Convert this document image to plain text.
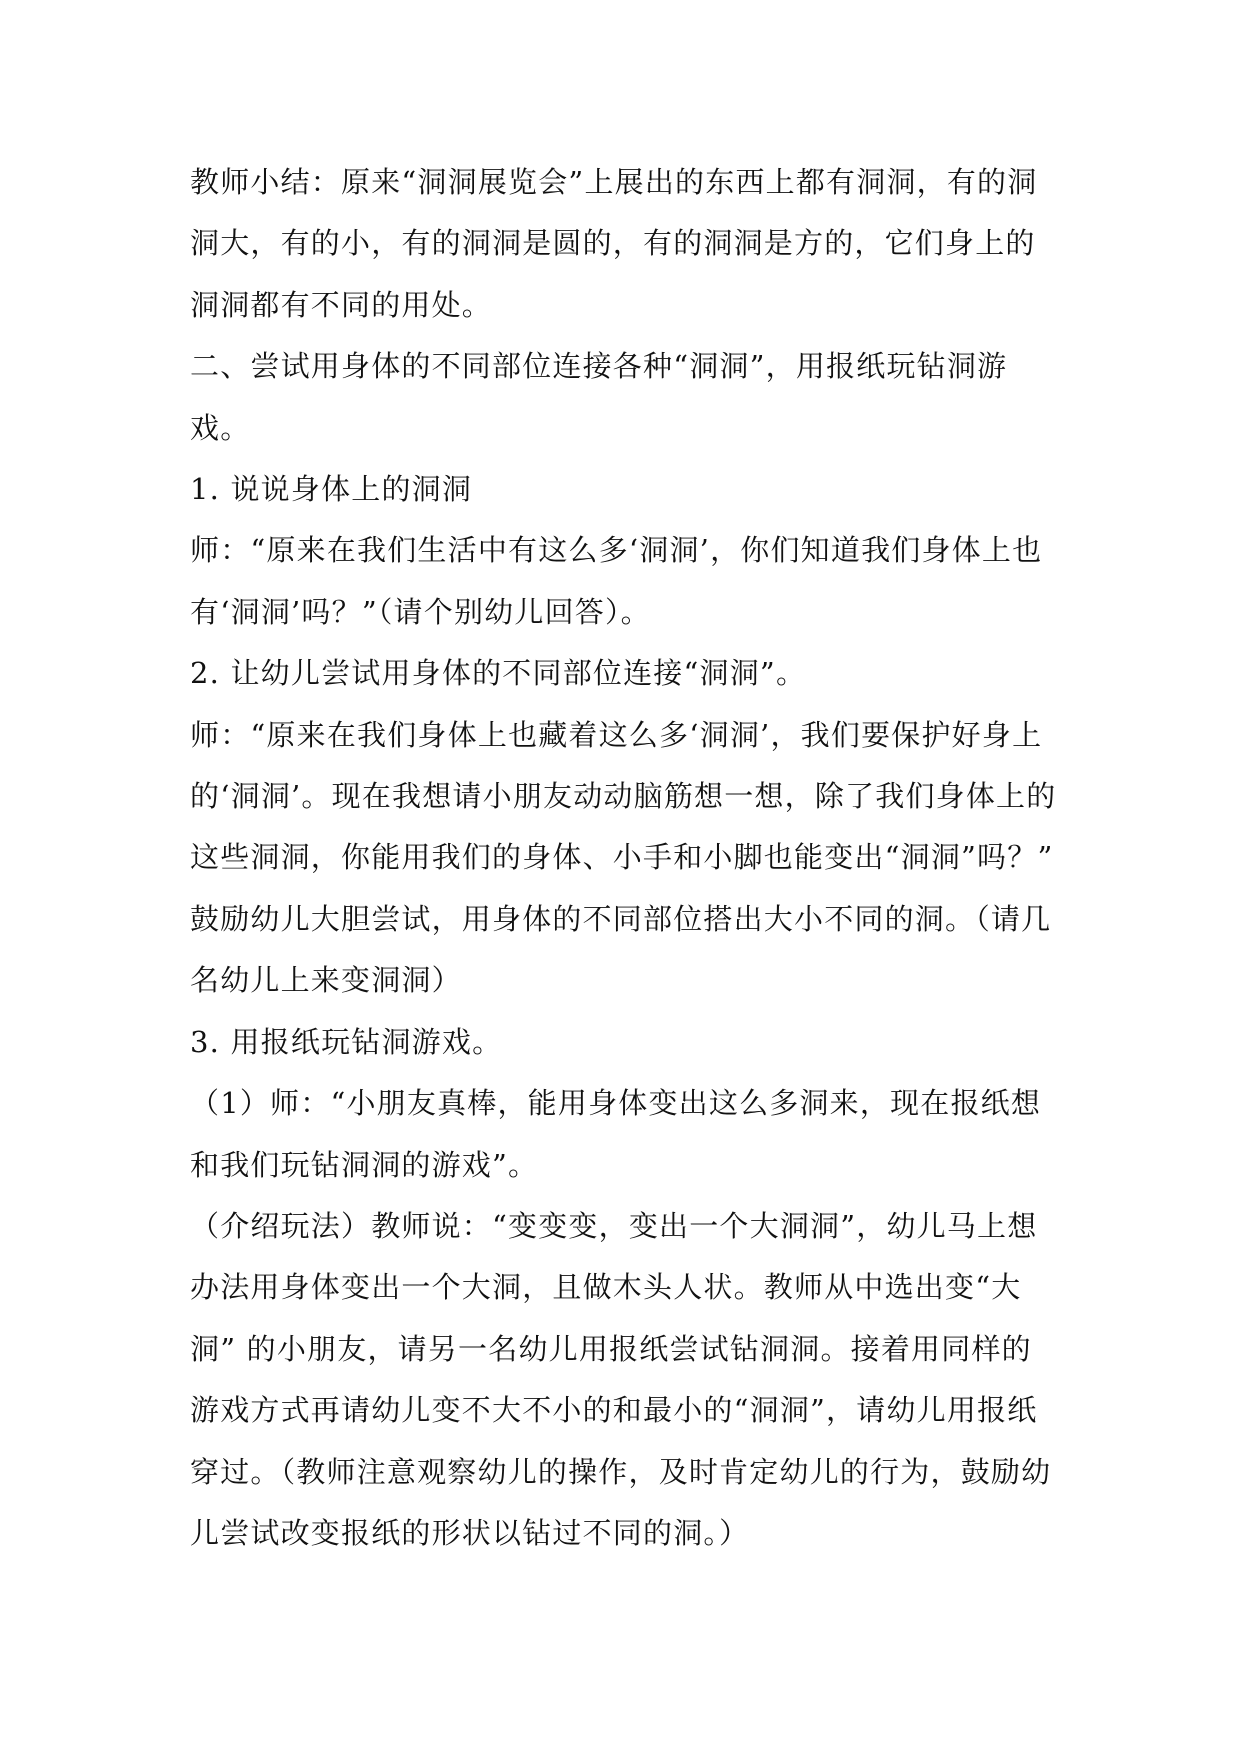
教师小结：原来“洞洞展览会”上展出的东西上都有洞洞，有的洞洞大，有的小，有的洞洞是圆的，有的洞洞是方的，它们身上的洞洞都有不同的用处。

二、尝试用身体的不同部位连接各种“洞洞”，用报纸玩钻洞游戏。

1. 说说身体上的洞洞

师：“原来在我们生活中有这么多‘洞洞’，你们知道我们身体上也有‘洞洞’吗？”（请个别幼儿回答）。

2. 让幼儿尝试用身体的不同部位连接“洞洞”。

师：“原来在我们身体上也藏着这么多‘洞洞’，我们要保护好身上的‘洞洞’。现在我想请小朋友动动脑筋想一想，除了我们身体上的这些洞洞，你能用我们的身体、小手和小脚也能变出“洞洞”吗？”

鼓励幼儿大胆尝试，用身体的不同部位搭出大小不同的洞。（请几名幼儿上来变洞洞）

3. 用报纸玩钻洞游戏。

（1）师：“小朋友真棒，能用身体变出这么多洞来，现在报纸想和我们玩钻洞洞的游戏”。

（介绍玩法）教师说：“变变变，变出一个大洞洞”，幼儿马上想办法用身体变出一个大洞，且做木头人状。教师从中选出变“大洞” 的小朋友，请另一名幼儿用报纸尝试钻洞洞。接着用同样的游戏方式再请幼儿变不大不小的和最小的“洞洞”，请幼儿用报纸穿过。（教师注意观察幼儿的操作，及时肯定幼儿的行为，鼓励幼儿尝试改变报纸的形状以钻过不同的洞。）
